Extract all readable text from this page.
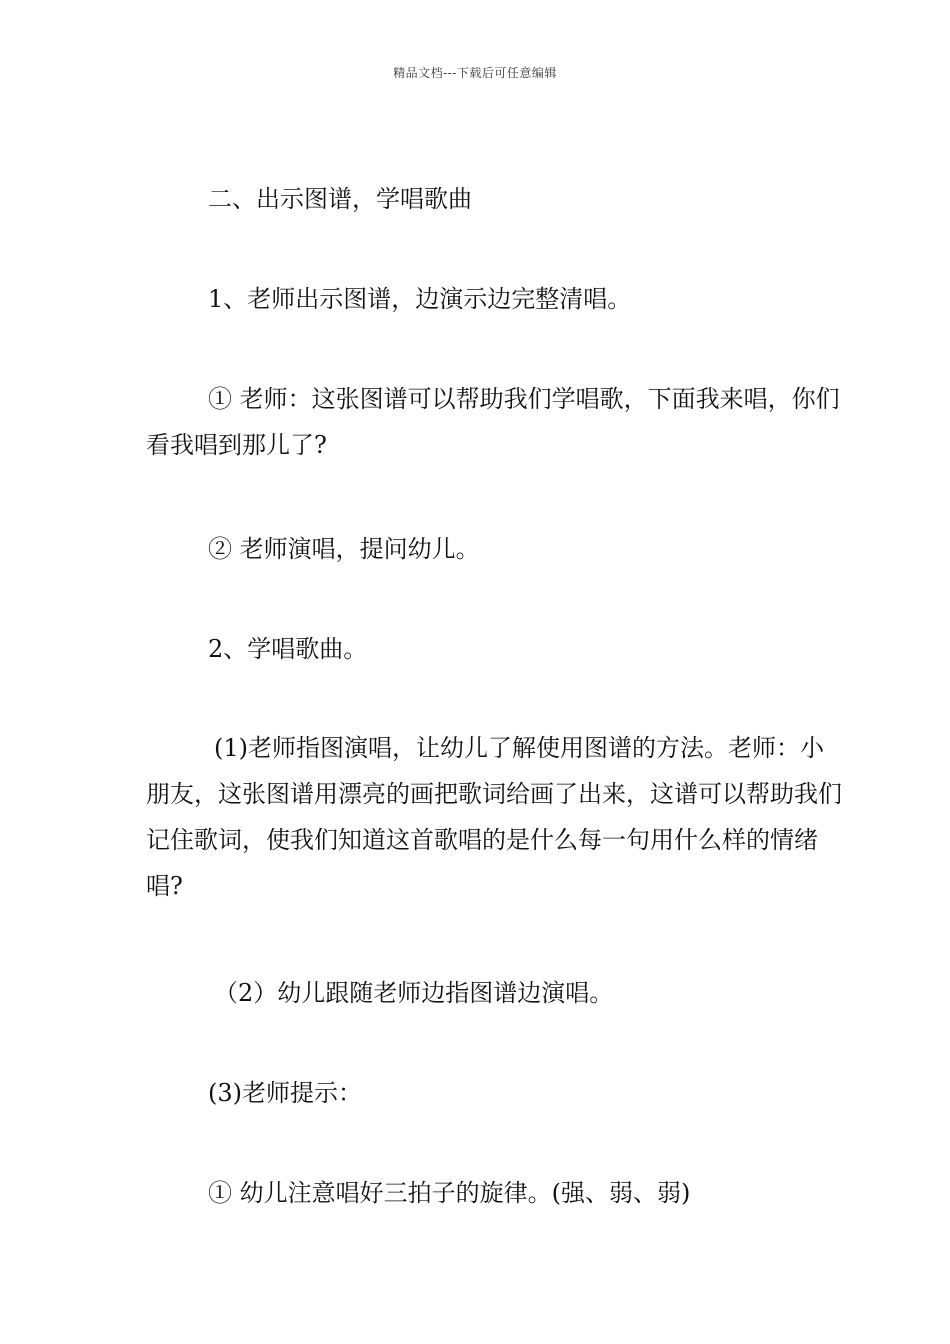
精品文档---下载后可任意编辑

二、出示图谱，学唱歌曲

1、老师出示图谱，边演示边完整清唱。

① 老师：这张图谱可以帮助我们学唱歌，下面我来唱，你们看我唱到那儿了?

② 老师演唱，提问幼儿。

2、学唱歌曲。

(1)老师指图演唱，让幼儿了解使用图谱的方法。老师：小朋友，这张图谱用漂亮的画把歌词给画了出来，这谱可以帮助我们记住歌词，使我们知道这首歌唱的是什么每一句用什么样的情绪唱?

（2）幼儿跟随老师边指图谱边演唱。

(3)老师提示：

① 幼儿注意唱好三拍子的旋律。(强、弱、弱)
